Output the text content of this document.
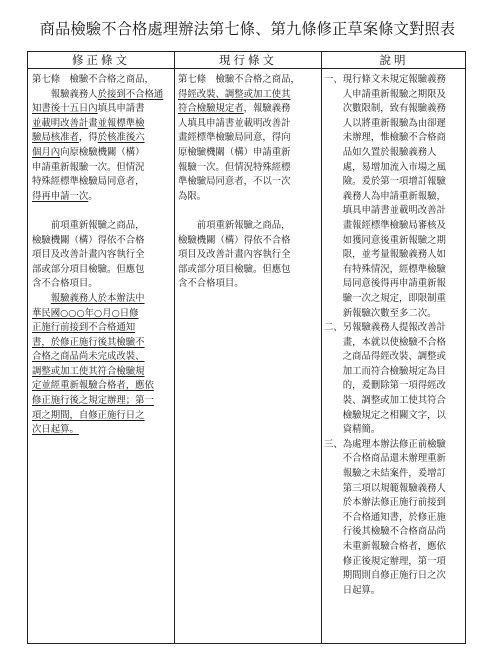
商品檢驗不合格處理辦法第七條、第九條修正草案條文對照表
修正條文	現行條文	說明
第七條　檢驗不合格之商品，
　　報驗義務人於接到不合格通
知書後十五日內填具申請書
並載明改善計畫並報標準檢
驗局核准者，得於核准後六
個月內向原檢驗機關（構）
申請重新報驗一次。但情況
特殊經標準檢驗局同意者，
得再申請一次。
　　前項重新報驗之商品，
檢驗機關（構）得依不合格
項目及改善計畫內容執行全
部或部分項目檢驗。但應包
含不合格項目。
　　報驗義務人於本辦法中
華民國○○○年○月○日修
正施行前接到不合格通知
書，於修正施行後其檢驗不
合格之商品尚未完成改裝、
調整或加工使其符合檢驗規
定並經重新報驗合格者，應依
修正施行後之規定辦理；第一
項之期間，自修正施行日之
次日起算。
第七條　檢驗不合格之商品，
得經改裝、調整或加工使其
符合檢驗規定者，報驗義務
人填具申請書並載明改善計
畫經標準檢驗局同意，得向
原檢驗機關（構）申請重新
報驗一次。但情況特殊經標
準檢驗局同意者，不以一次
為限。
　　前項重新報驗之商品，
檢驗機關（構）得依不合格
項目及改善計畫內容執行全
部或部分項目檢驗。但應包
含不合格項目。
一、現行條文未規定報驗義務
　　人申請重新報驗之期限及
　　次數限制，致有報驗義務
　　人以將重新報驗為由卻遲
　　未辦理，惟檢驗不合格商
　　品如久置於報驗義務人
　　處，易增加流入市場之風
　　險。爰於第一項增訂報驗
　　義務人為申請重新報驗，
　　填具申請書並載明改善計
　　畫報經標準檢驗局審核及
　　如獲同意後重新報驗之期
　　限，並考量報驗義務人如
　　有特殊情況，經標準檢驗
　　局同意後得再申請重新報
　　驗一次之規定，即限制重
　　新報驗次數至多二次。
二、另報驗義務人提報改善計
　　畫，本就以使檢驗不合格
　　之商品得經改裝、調整或
　　加工而符合檢驗規定為目
　　的，爰刪除第一項得經改
　　裝、調整或加工使其符合
　　檢驗規定之相關文字，以
　　資精簡。
三、為處理本辦法修正前檢驗
　　不合格商品還未辦理重新
　　報驗之未結案件，爰增訂
　　第三項以規範報驗義務人
　　於本辦法修正施行前接到
　　不合格通知書，於修正施
　　行後其檢驗不合格商品尚
　　未重新報驗合格者，應依
　　修正後規定辦理，第一項
　　期間則自修正施行日之次
　　日起算。
